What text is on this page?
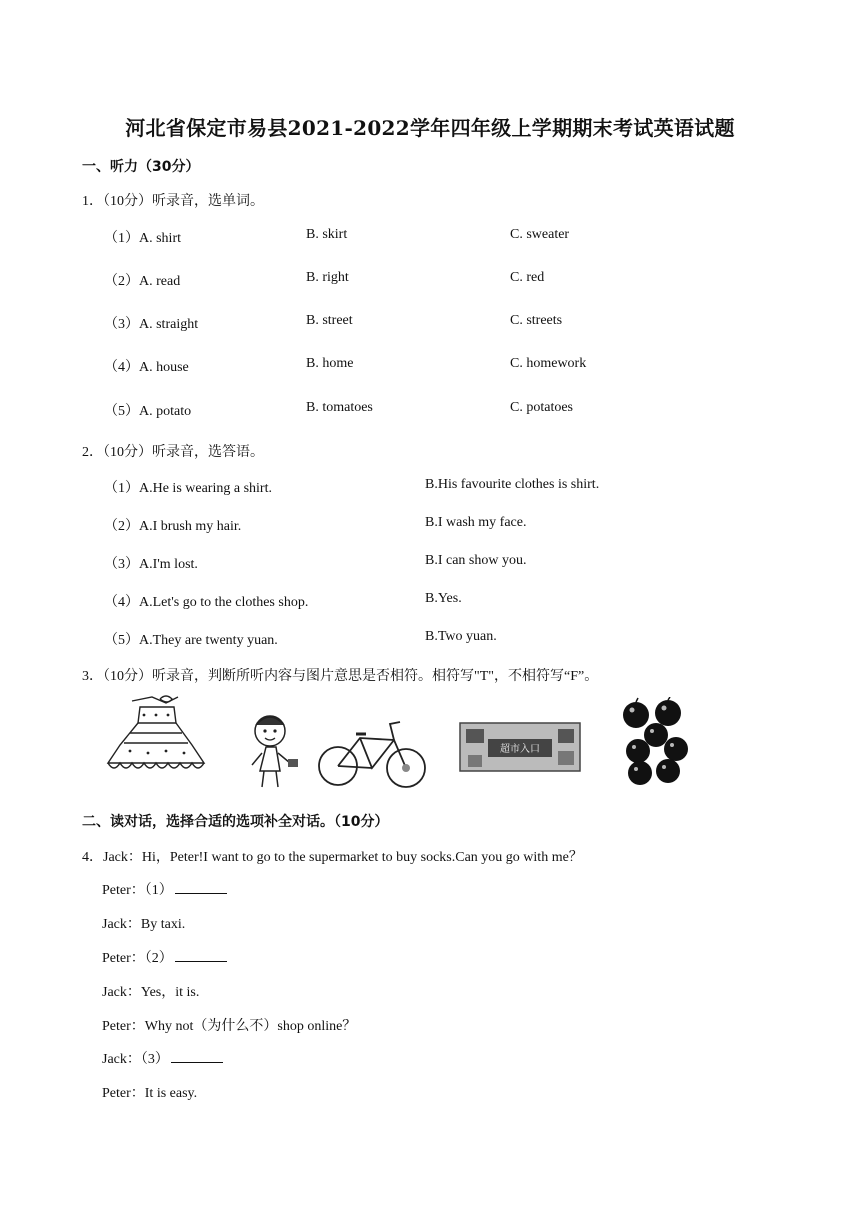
河北省保定市易县2021-2022学年四年级上学期期末考试英语试题
一、听力（30分）
1．（10分）听录音，选单词。
（1）A. shirt	B. skirt	C. sweater
（2）A. read	B. right	C. red
（3）A. straight	B. street	C. streets
（4）A. house	B. home	C. homework
（5）A. potato	B. tomatoes	C. potatoes
2．（10分）听录音，选答语。
（1）A.He is wearing a shirt.	B.His favourite clothes is shirt.
（2）A.I brush my hair.	B.I wash my face.
（3）A.I'm lost.	B.I can show you.
（4）A.Let's go to the clothes shop.	B.Yes.
（5）A.They are twenty yuan.	B.Two yuan.
3．（10分）听录音，判断所听内容与图片意思是否相符。相符写"T"，不相符写“F”。
超市入口
二、读对话，选择合适的选项补全对话。（10分）
4．Jack：Hi，Peter!I want to go to the supermarket to buy socks.Can you go with me？
Peter：（1）
Jack：By taxi.
Peter：（2）
Jack：Yes，it is.
Peter：Why not（为什么不）shop online？
Jack：（3）
Peter：It is easy.
